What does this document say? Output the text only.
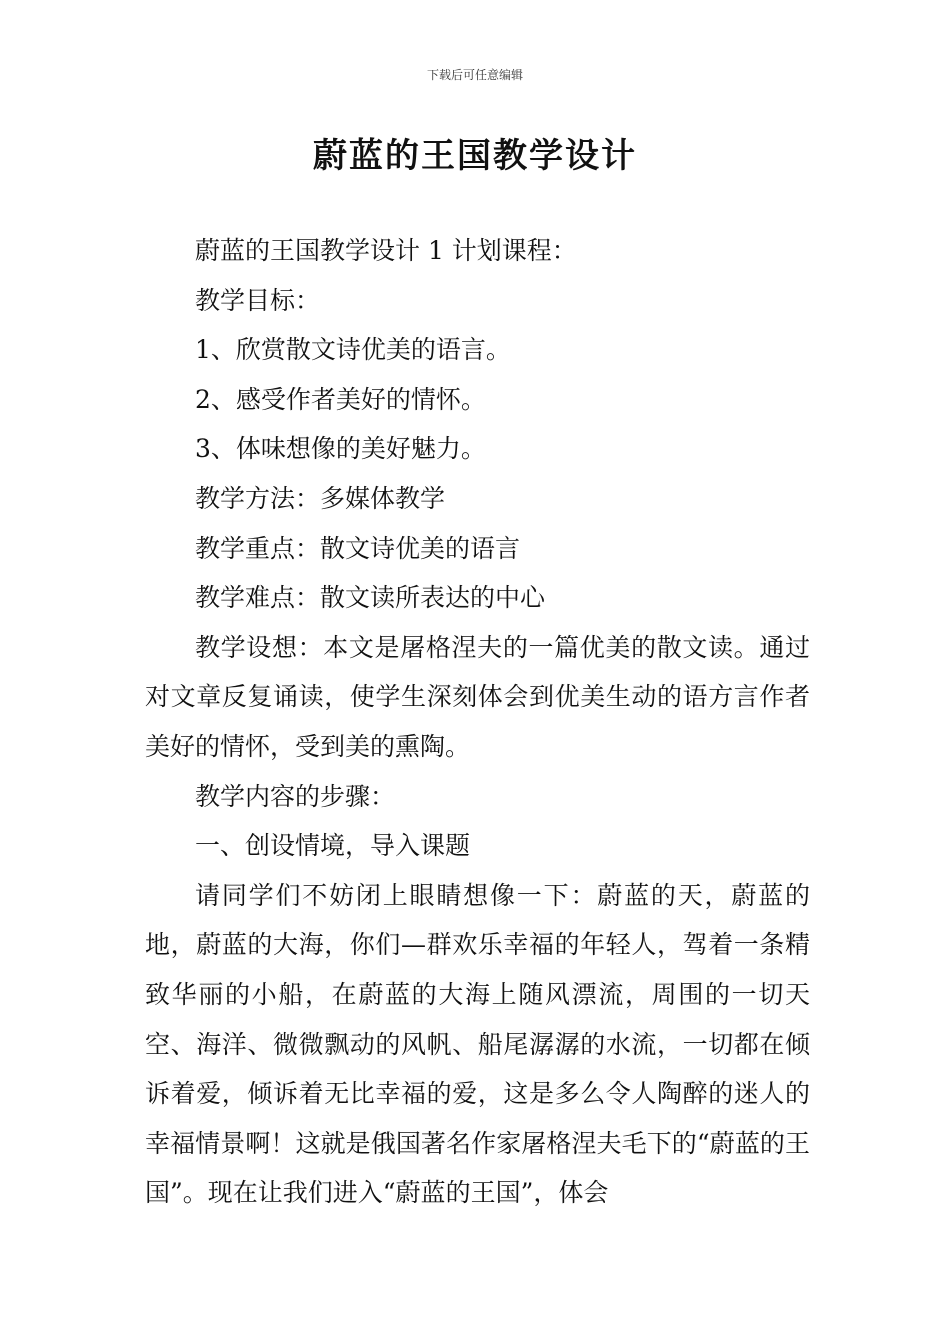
下载后可任意编辑
蔚蓝的王国教学设计

蔚蓝的王国教学设计 1 计划课程：

教学目标：

1、欣赏散文诗优美的语言。

2、感受作者美好的情怀。

3、体味想像的美好魅力。

教学方法：多媒体教学

教学重点：散文诗优美的语言

教学难点：散文读所表达的中心

教学设想：本文是屠格涅夫的一篇优美的散文读。通过对文章反复诵读，使学生深刻体会到优美生动的语方言作者美好的情怀，受到美的熏陶。

教学内容的步骤：

一、创设情境，导入课题

请同学们不妨闭上眼睛想像一下：蔚蓝的天，蔚蓝的地，蔚蓝的大海，你们—群欢乐幸福的年轻人，驾着一条精致华丽的小船，在蔚蓝的大海上随风漂流，周围的一切天空、海洋、微微飘动的风帆、船尾潺潺的水流，一切都在倾诉着爱，倾诉着无比幸福的爱，这是多么令人陶醉的迷人的幸福情景啊！这就是俄国著名作家屠格涅夫毛下的“蔚蓝的王国”。现在让我们进入“蔚蓝的王国”，体会
